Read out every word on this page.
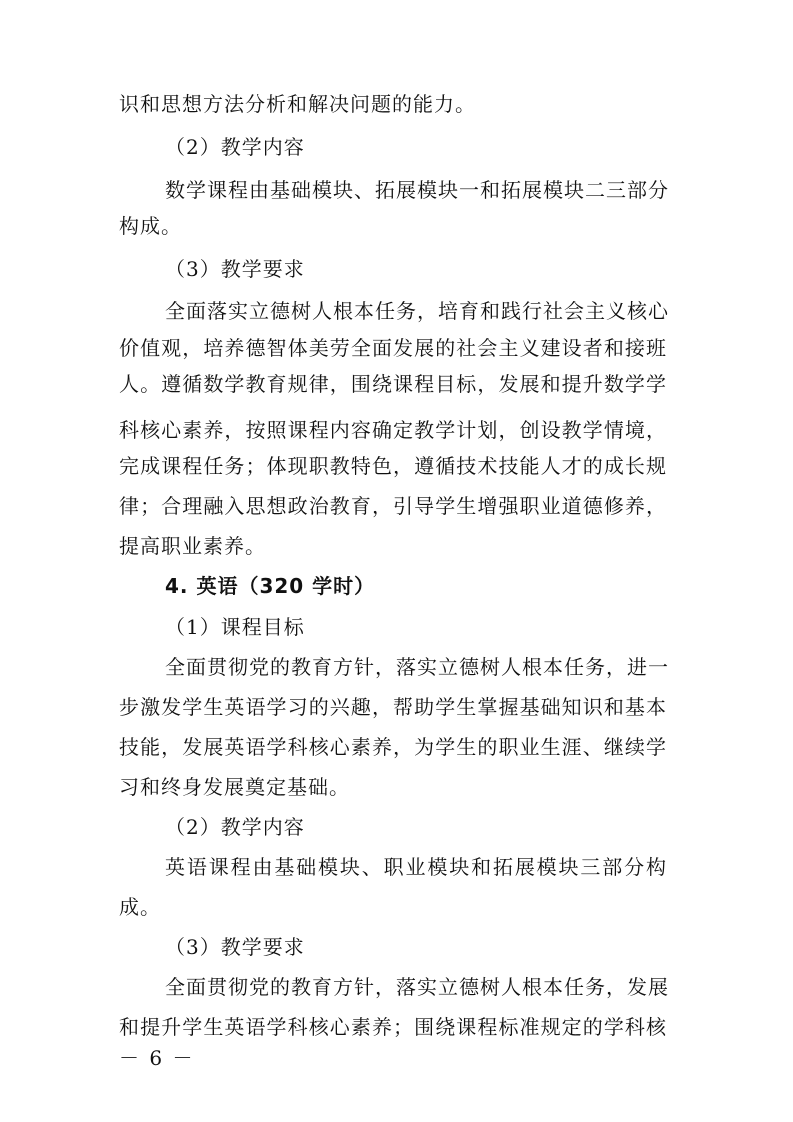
识和思想方法分析和解决问题的能力。
（2）教学内容
数学课程由基础模块、拓展模块一和拓展模块二三部分
构成。
（3）教学要求
全面落实立德树人根本任务，培育和践行社会主义核心
价值观，培养德智体美劳全面发展的社会主义建设者和接班
人。遵循数学教育规律，围绕课程目标，发展和提升数学学
科核心素养，按照课程内容确定教学计划，创设教学情境，
完成课程任务；体现职教特色，遵循技术技能人才的成长规
律；合理融入思想政治教育，引导学生增强职业道德修养，
提高职业素养。
4. 英语（320 学时）
（1）课程目标
全面贯彻党的教育方针，落实立德树人根本任务，进一
步激发学生英语学习的兴趣，帮助学生掌握基础知识和基本
技能，发展英语学科核心素养，为学生的职业生涯、继续学
习和终身发展奠定基础。
（2）教学内容
英语课程由基础模块、职业模块和拓展模块三部分构
成。
（3）教学要求
全面贯彻党的教育方针，落实立德树人根本任务，发展
和提升学生英语学科核心素养；围绕课程标准规定的学科核
－ 6 －
